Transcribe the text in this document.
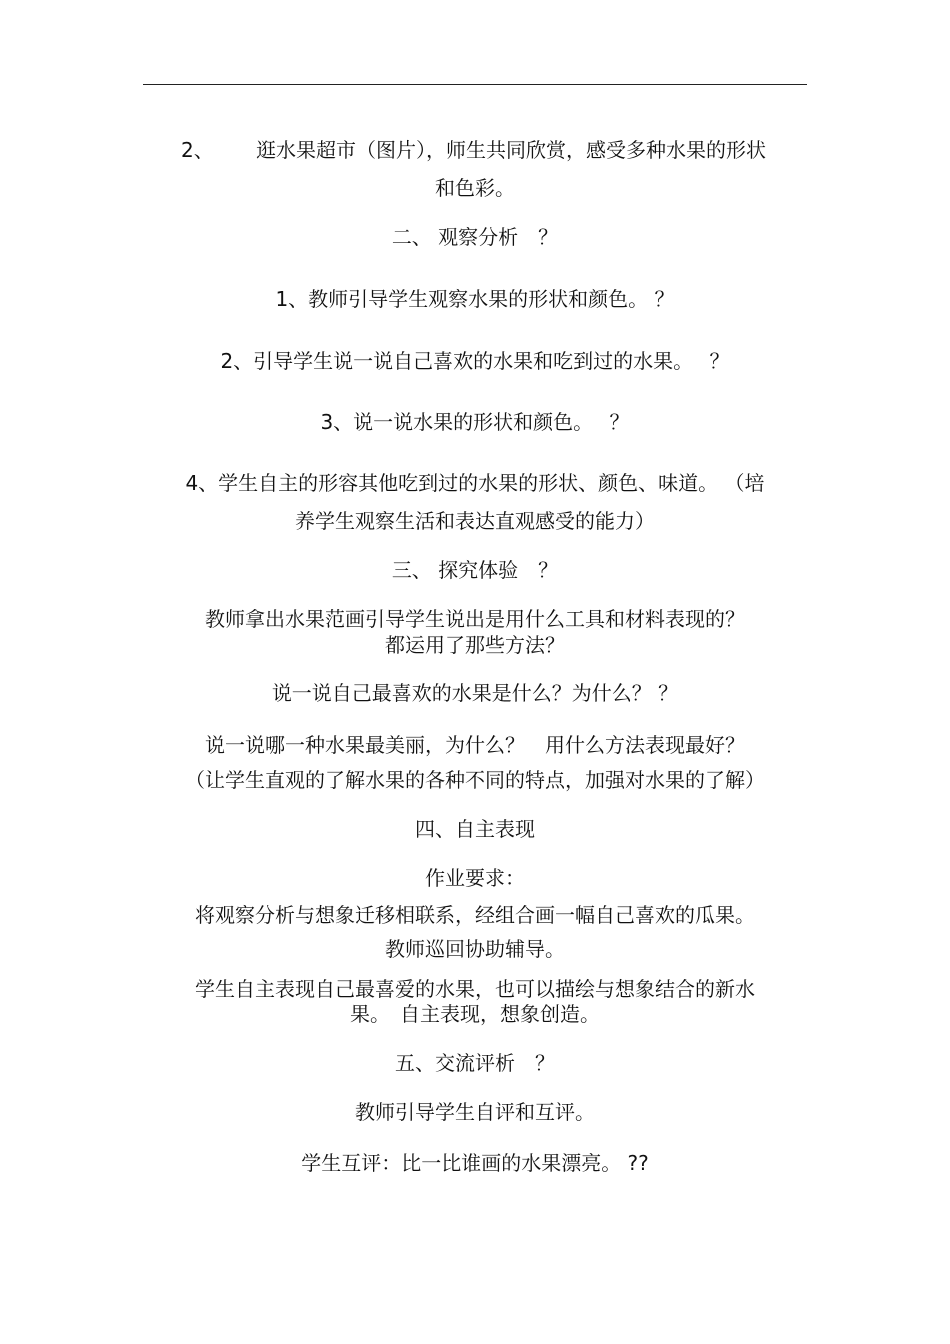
2、 逛水果超市（图片），师生共同欣赏，感受多种水果的形状
和色彩。
二、 观察分析　？
1、教师引导学生观察水果的形状和颜色。 ？
2、引导学生说一说自己喜欢的水果和吃到过的水果。　 ？
3、说一说水果的形状和颜色。　 ？
4、学生自主的形容其他吃到过的水果的形状、颜色、味道。 （培
养学生观察生活和表达直观感受的能力）
三、 探究体验　？
教师拿出水果范画引导学生说出是用什么工具和材料表现的？
都运用了那些方法？
说一说自己最喜欢的水果是什么？为什么？ ？
说一说哪一种水果最美丽，为什么？　用什么方法表现最好？
（让学生直观的了解水果的各种不同的特点，加强对水果的了解）
四、自主表现
作业要求：
将观察分析与想象迁移相联系，经组合画一幅自己喜欢的瓜果。
教师巡回协助辅导。
学生自主表现自己最喜爱的水果，也可以描绘与想象结合的新水
果。　自主表现，想象创造。
五、交流评析　？
教师引导学生自评和互评。
学生互评：比一比谁画的水果漂亮。 ??
